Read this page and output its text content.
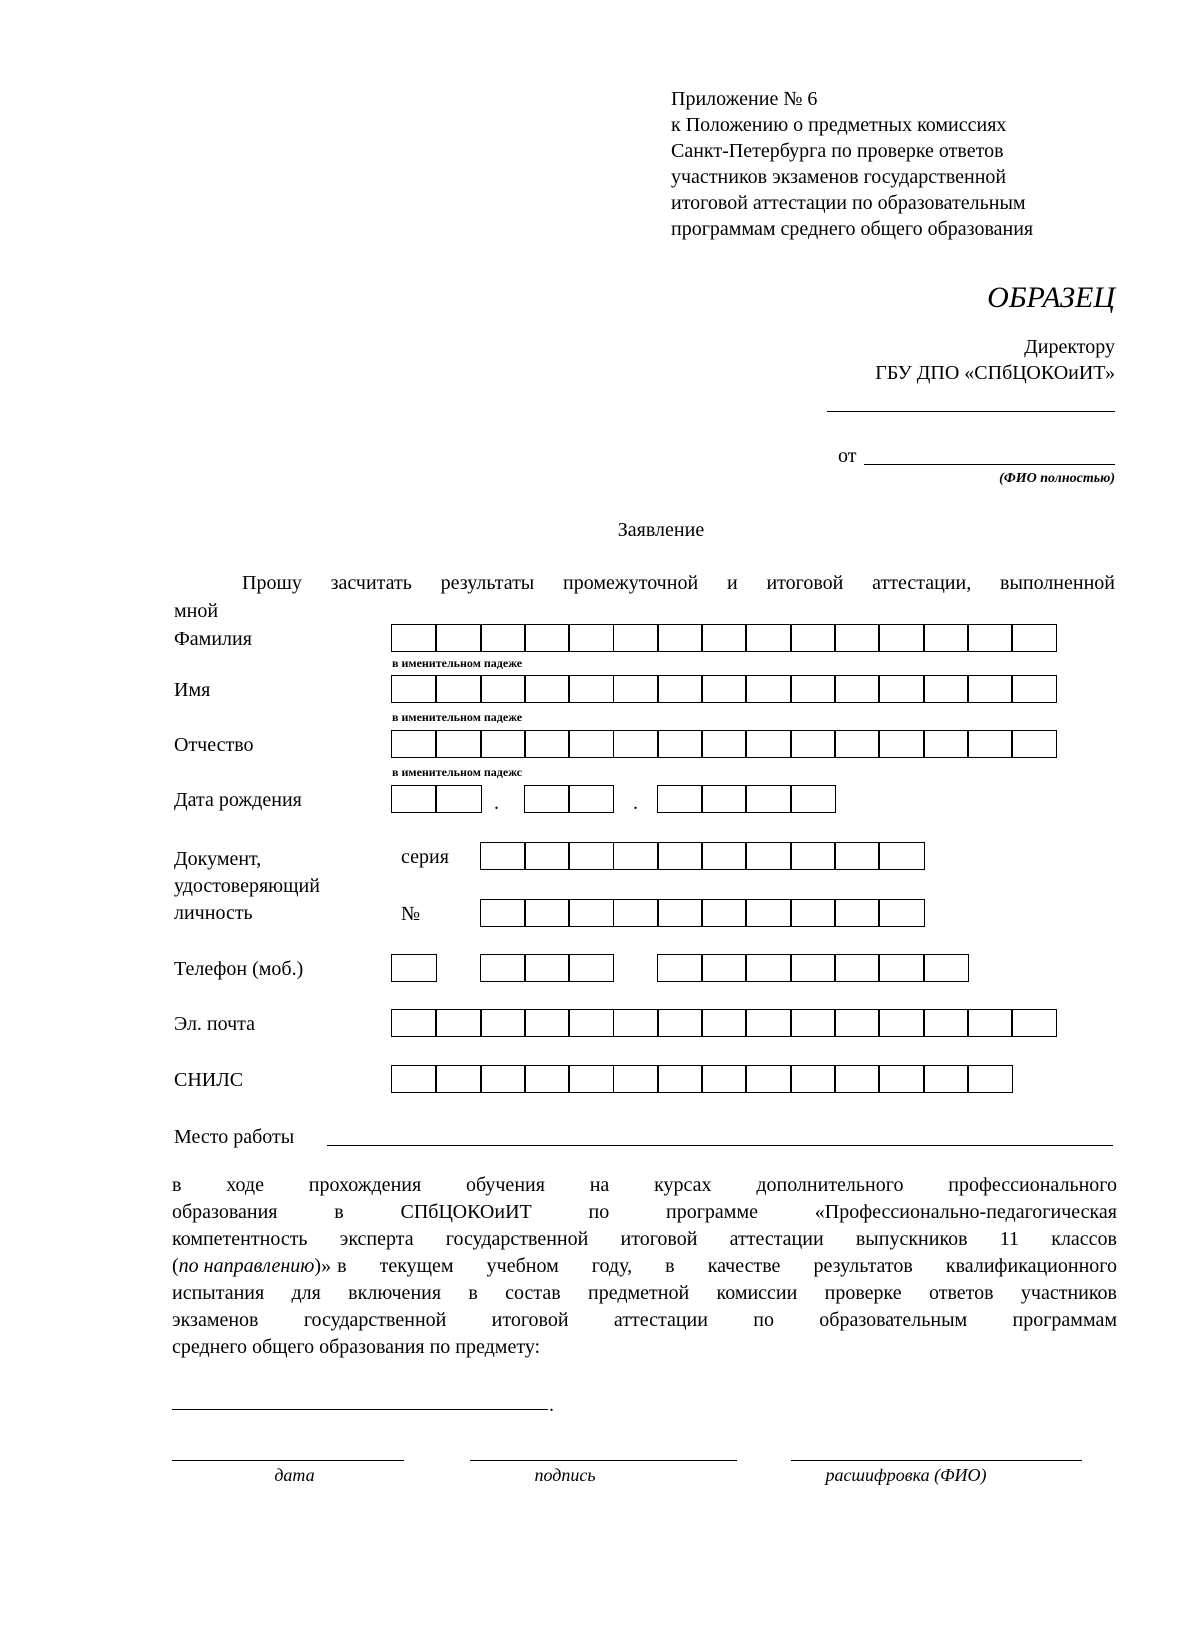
Приложение № 6
к Положению о предметных комиссиях
Санкт-Петербурга по проверке ответов
участников экзаменов государственной
итоговой аттестации по образовательным
программам среднего общего образования
ОБРАЗЕЦ
Директору
ГБУ ДПО «СПбЦОКОиИТ»
от
(ФИО полностью)
Заявление
Прошу засчитать результаты промежуточной и итоговой аттестации, выполненной
мной
Фамилия
в именительном падеже
Имя
в именительном падеже
Отчество
в именительном падежс
Дата рождения	.	.
Документ,
удостоверяющий
личность
серия
№
Телефон (моб.)
Эл. почта
СНИЛС
Место работы
в ходе прохождения обучения на курсах дополнительного профессионального
образования в СПбЦОКОиИТ по программе «Профессионально-педагогическая
компетентность эксперта государственной итоговой аттестации выпускников 11 классов
(по направлению)» в текущем учебном году, в качестве результатов квалификационного
испытания для включения в состав предметной комиссии проверке ответов участников
экзаменов государственной итоговой аттестации по образовательным программам
среднего общего образования по предмету:
.
дата	подпись	расшифровка (ФИО)
